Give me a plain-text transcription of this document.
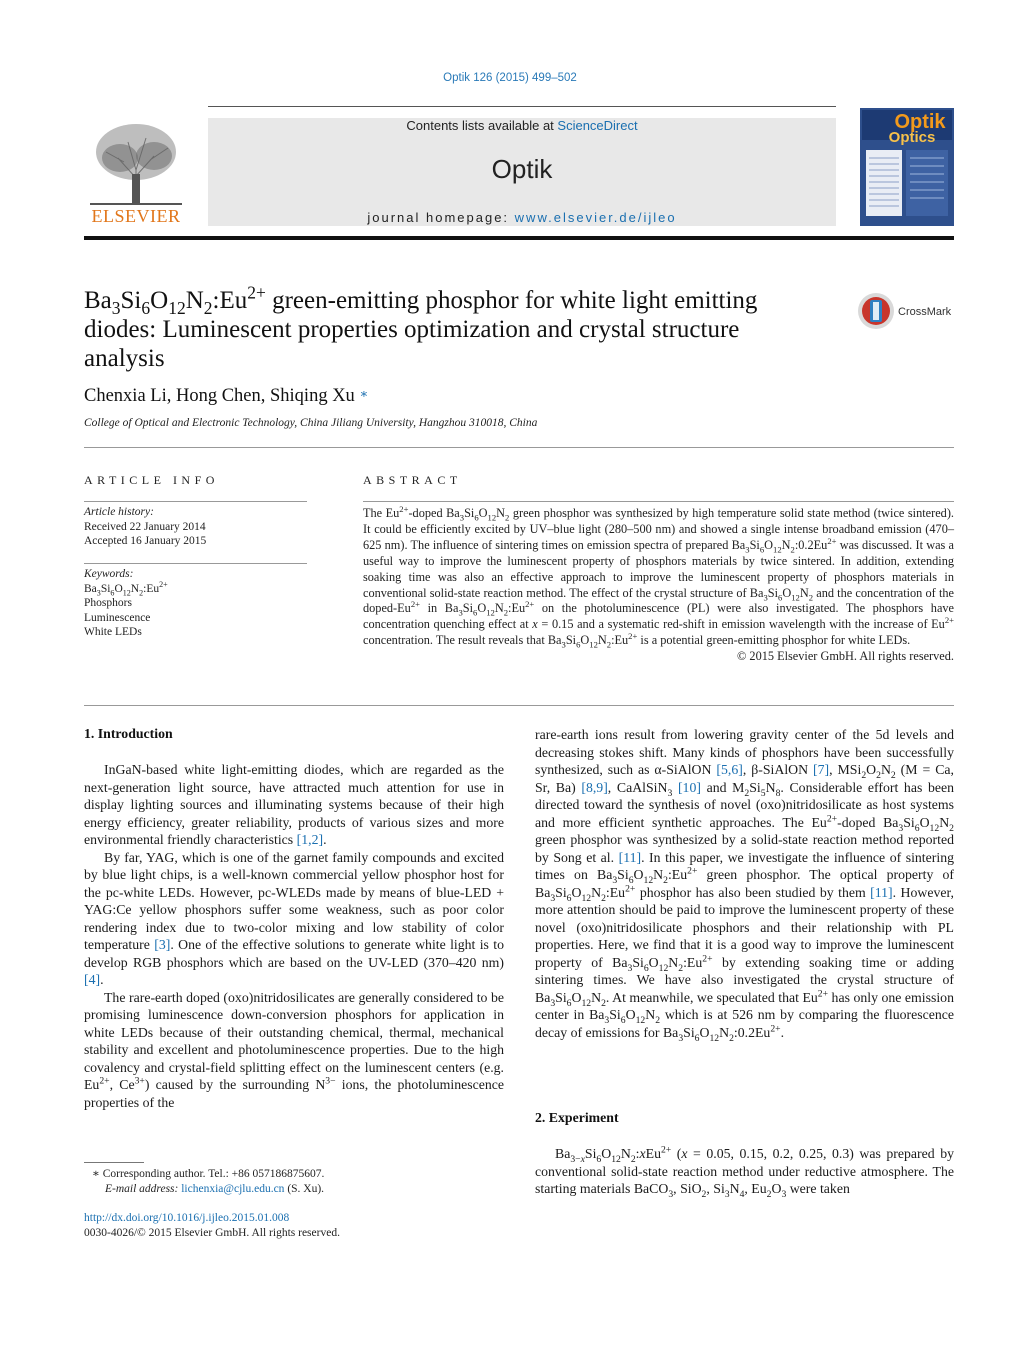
Optik 126 (2015) 499–502
ELSEVIER
Contents lists available at ScienceDirect
Optik
journal homepage: www.elsevier.de/ijleo
Optik
Optics
$Ba_3Si_6O_{12}N_2:Eu^{2+}$ green-emitting phosphor for white light emitting diodes: Luminescent properties optimization and crystal structure analysis
CrossMark
Chenxia Li, Hong Chen, Shiqing Xu ∗
College of Optical and Electronic Technology, China Jiliang University, Hangzhou 310018, China
ARTICLE INFO
Article history:
Received 22 January 2014
Accepted 16 January 2015
Keywords:
$Ba_3Si_6O_{12}N_2:Eu^{2+}$
Phosphors
Luminescence
White LEDs
ABSTRACT

The $Eu^{2+}$-doped $Ba_3Si_6O_{12}N_2$ green phosphor was synthesized by high temperature solid state method (twice sintered). It could be efficiently excited by UV–blue light (280–500 nm) and showed a single intense broadband emission (470–625 nm). The influence of sintering times on emission spectra of prepared $Ba_3Si_6O_{12}N_2:0.2Eu^{2+}$ was discussed. It was a useful way to improve the luminescent property of phosphors materials by twice sintered. In addition, extending soaking time was also an effective approach to improve the luminescent property of phosphors materials in conventional solid-state reaction method. The effect of the crystal structure of $Ba_3Si_6O_{12}N_2$ and the concentration of the doped-$Eu^{2+}$ in $Ba_3Si_6O_{12}N_2:Eu^{2+}$ on the photoluminescence (PL) were also investigated. The phosphors have concentration quenching effect at x = 0.15 and a systematic red-shift in emission wavelength with the increase of $Eu^{2+}$ concentration. The result reveals that $Ba_3Si_6O_{12}N_2:Eu^{2+}$ is a potential green-emitting phosphor for white LEDs.

© 2015 Elsevier GmbH. All rights reserved.

1. Introduction

InGaN-based white light-emitting diodes, which are regarded as the next-generation light source, have attracted much attention for use in display lighting sources and illuminating systems because of their high energy efficiency, greater reliability, products of various sizes and more environmental friendly characteristics [1,2].

By far, YAG, which is one of the garnet family compounds and excited by blue light chips, is a well-known commercial yellow phosphor host for the pc-white LEDs. However, pc-WLEDs made by means of blue-LED + YAG:Ce yellow phosphors suffer some weakness, such as poor color rendering index due to two-color mixing and low stability of color temperature [3]. One of the effective solutions to generate white light is to develop RGB phosphors which are based on the UV-LED (370–420 nm) [4].

The rare-earth doped (oxo)nitridosilicates are generally considered to be promising luminescence down-conversion phosphors for application in white LEDs because of their outstanding chemical, thermal, mechanical stability and excellent and photoluminescence properties. Due to the high covalency and crystal-field splitting effect on the luminescent centers (e.g. $Eu^{2+}$, $Ce^{3+}$) caused by the surrounding $N^{3-}$ ions, the photoluminescence properties of the

∗ Corresponding author. Tel.: +86 057186875607.
E-mail address: lichenxia@cjlu.edu.cn (S. Xu).
http://dx.doi.org/10.1016/j.ijleo.2015.01.008
0030-4026/© 2015 Elsevier GmbH. All rights reserved.

rare-earth ions result from lowering gravity center of the 5d levels and decreasing stokes shift. Many kinds of phosphors have been successfully synthesized, such as α-SiAlON [5,6], β-SiAlON [7], $MSi_2O_2N_2$ (M = Ca, Sr, Ba) [8,9], CaAlSiN$_3$ [10] and $M_2Si_5N_8$. Considerable effort has been directed toward the synthesis of novel (oxo)nitridosilicate as host systems and more efficient synthetic approaches. The $Eu^{2+}$-doped $Ba_3Si_6O_{12}N_2$ green phosphor was synthesized by a solid-state reaction method reported by Song et al. [11]. In this paper, we investigate the influence of sintering times on $Ba_3Si_6O_{12}N_2:Eu^{2+}$ green phosphor. The optical property of $Ba_3Si_6O_{12}N_2:Eu^{2+}$ phosphor has also been studied by them [11]. However, more attention should be paid to improve the luminescent property of these novel (oxo)nitridosilicate phosphors and their relationship with PL properties. Here, we find that it is a good way to improve the luminescent property of $Ba_3Si_6O_{12}N_2:Eu^{2+}$ by extending soaking time or adding sintering times. We have also investigated the crystal structure of $Ba_3Si_6O_{12}N_2$. At meanwhile, we speculated that $Eu^{2+}$ has only one emission center in $Ba_3Si_6O_{12}N_2$ which is at 526 nm by comparing the fluorescence decay of emissions for $Ba_3Si_6O_{12}N_2:0.2Eu^{2+}$.

2. Experiment

$Ba_{3-x}Si_6O_{12}N_2:xEu^{2+}$ (x = 0.05, 0.15, 0.2, 0.25, 0.3) was prepared by conventional solid-state reaction method under reductive atmosphere. The starting materials BaCO$_3$, SiO$_2$, $Si_3N_4$, $Eu_2O_3$ were taken
